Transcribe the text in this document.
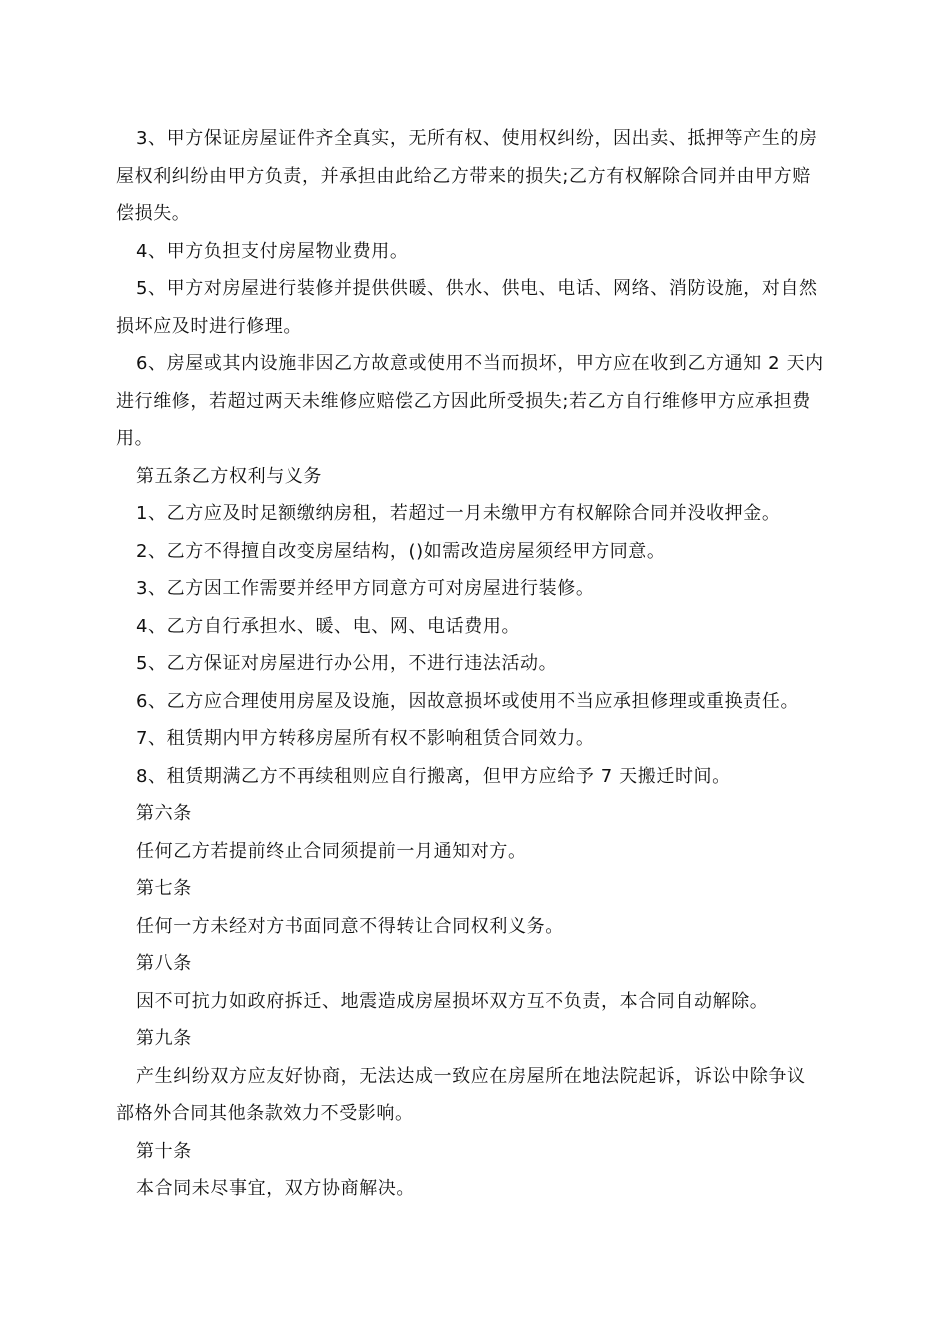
3、甲方保证房屋证件齐全真实，无所有权、使用权纠纷，因出卖、抵押等产生的房
屋权利纠纷由甲方负责，并承担由此给乙方带来的损失;乙方有权解除合同并由甲方赔
偿损失。
4、甲方负担支付房屋物业费用。
5、甲方对房屋进行装修并提供供暖、供水、供电、电话、网络、消防设施，对自然
损坏应及时进行修理。
6、房屋或其内设施非因乙方故意或使用不当而损坏，甲方应在收到乙方通知 2 天内
进行维修，若超过两天未维修应赔偿乙方因此所受损失;若乙方自行维修甲方应承担费
用。
第五条乙方权利与义务
1、乙方应及时足额缴纳房租，若超过一月未缴甲方有权解除合同并没收押金。
2、乙方不得擅自改变房屋结构，()如需改造房屋须经甲方同意。
3、乙方因工作需要并经甲方同意方可对房屋进行装修。
4、乙方自行承担水、暖、电、网、电话费用。
5、乙方保证对房屋进行办公用，不进行违法活动。
6、乙方应合理使用房屋及设施，因故意损坏或使用不当应承担修理或重换责任。
7、租赁期内甲方转移房屋所有权不影响租赁合同效力。
8、租赁期满乙方不再续租则应自行搬离，但甲方应给予 7 天搬迁时间。
第六条
任何乙方若提前终止合同须提前一月通知对方。
第七条
任何一方未经对方书面同意不得转让合同权利义务。
第八条
因不可抗力如政府拆迁、地震造成房屋损坏双方互不负责，本合同自动解除。
第九条
产生纠纷双方应友好协商，无法达成一致应在房屋所在地法院起诉，诉讼中除争议
部格外合同其他条款效力不受影响。
第十条
本合同未尽事宜，双方协商解决。
